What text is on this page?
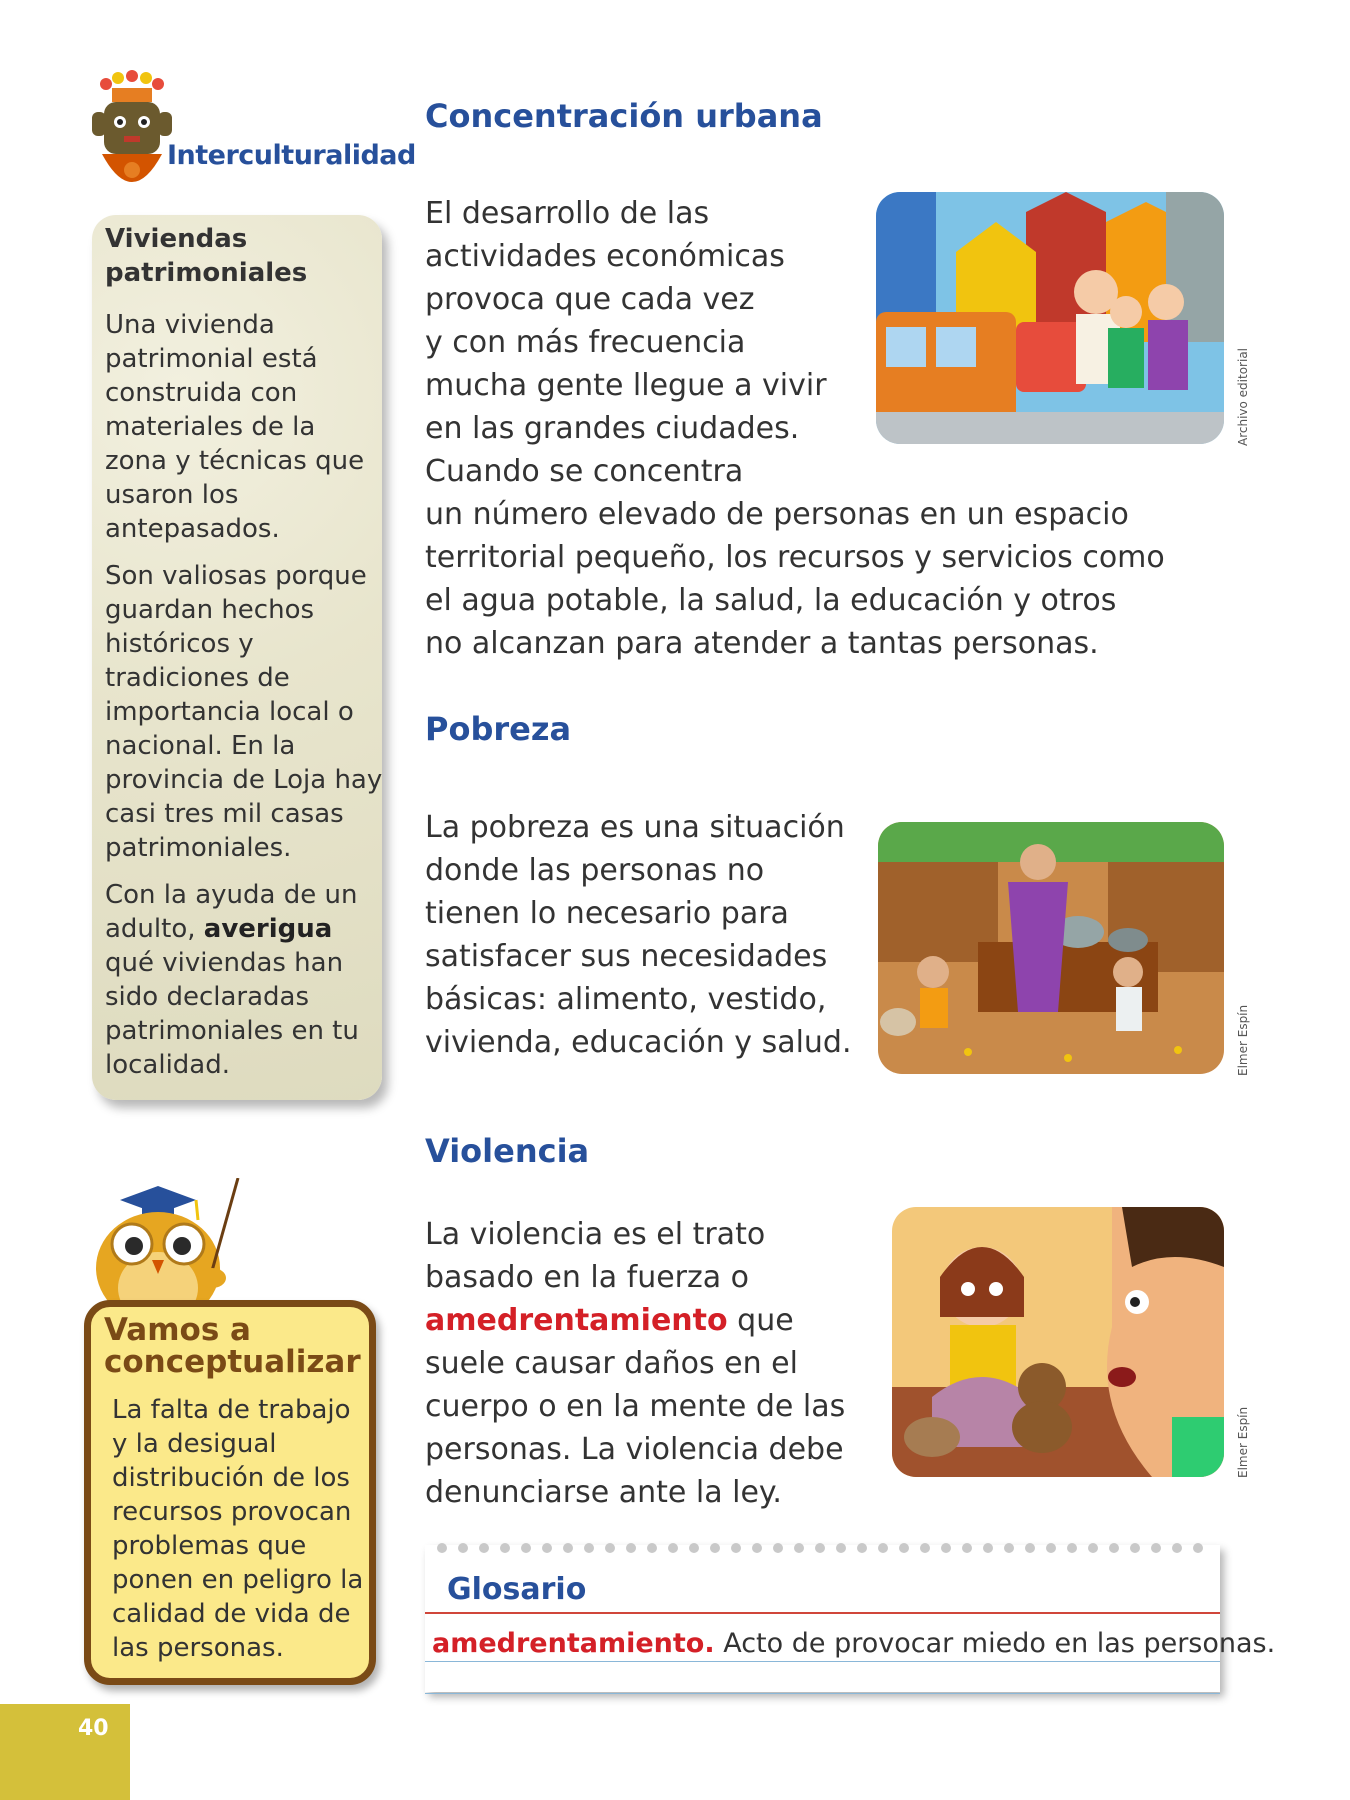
Interculturalidad
Viviendas patrimoniales
Una vivienda patrimonial está construida con materiales de la zona y técnicas que usaron los antepasados.
Son valiosas porque guardan hechos históricos y tradiciones de importancia local o nacional. En la provincia de Loja hay casi tres mil casas patrimoniales.
Con la ayuda de un adulto, averigua qué viviendas han sido declaradas patrimoniales en tu localidad.
Vamos a conceptualizar
La falta de trabajo y la desigual distribución de los recursos provocan problemas que ponen en peligro la calidad de vida de las personas.
40
Concentración urbana
El desarrollo de las
actividades económicas
provoca que cada vez
y con más frecuencia
mucha gente llegue a vivir
en las grandes ciudades.
Cuando se concentra
un número elevado de personas en un espacio
territorial pequeño, los recursos y servicios como
el agua potable, la salud, la educación y otros
no alcanzan para atender a tantas personas.
Archivo editorial
Pobreza
La pobreza es una situación
donde las personas no
tienen lo necesario para
satisfacer sus necesidades
básicas: alimento, vestido,
vivienda, educación y salud.	Elmer Espín
Violencia
La violencia es el trato
basado en la fuerza o
amedrentamiento que
suele causar daños en el
cuerpo o en la mente de las
personas. La violencia debe
denunciarse ante la ley.
Elmer Espín
Glosario
amedrentamiento. Acto de provocar miedo en las personas.
